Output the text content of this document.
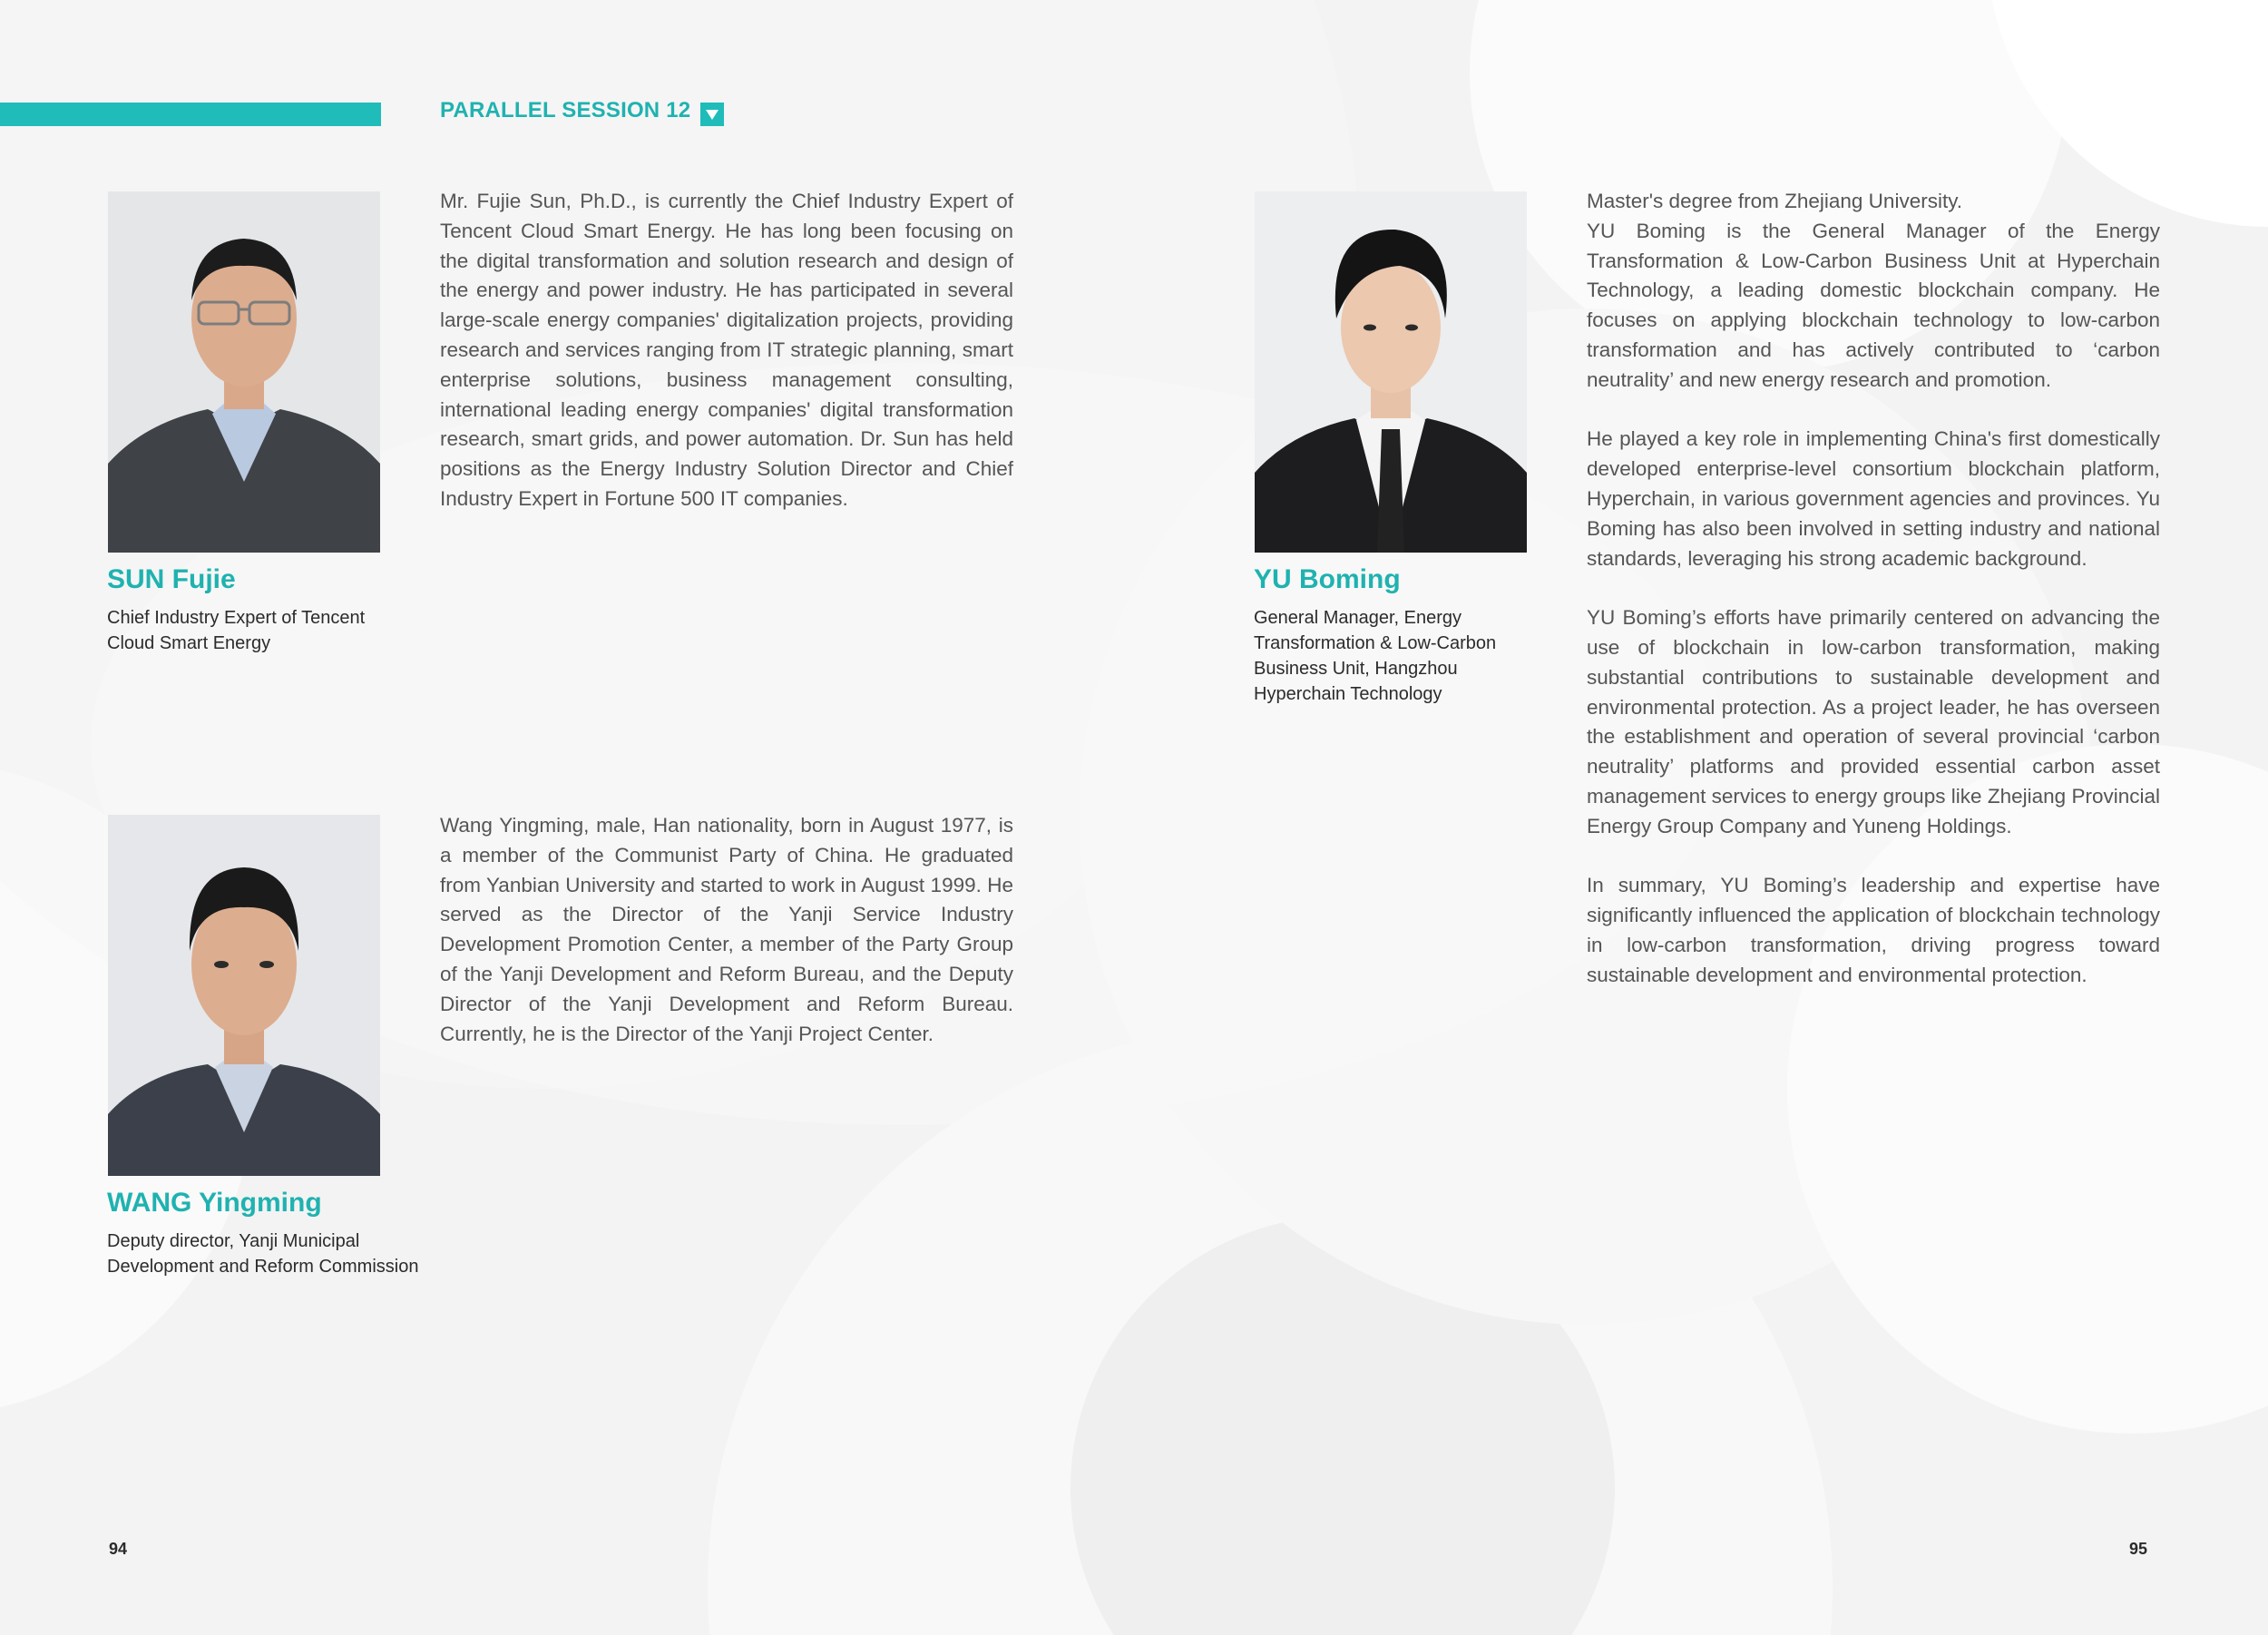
PARALLEL SESSION 12
SUN Fujie
Chief Industry Expert of Tencent Cloud Smart Energy

Mr. Fujie Sun, Ph.D., is currently the Chief Industry Expert of Tencent Cloud Smart Energy. He has long been focusing on the digital transformation and solution research and design of the energy and power industry. He has participated in several large-scale energy companies' digitalization projects, providing research and services ranging from IT strategic planning, smart enterprise solutions, business management consulting, international leading energy companies' digital transformation research, smart grids, and power automation. Dr. Sun has held positions as the Energy Industry Solution Director and Chief Industry Expert in Fortune 500 IT companies.

WANG Yingming
Deputy director, Yanji Municipal Development and Reform Commission

Wang Yingming, male, Han nationality, born in August 1977, is a member of the Communist Party of China. He graduated from Yanbian University and started to work in August 1999. He served as the Director of the Yanji Service Industry Development Promotion Center, a member of the Party Group of the Yanji Development and Reform Bureau, and the Deputy Director of the Yanji Development and Reform Bureau. Currently, he is the Director of the Yanji Project Center.

YU Boming
General Manager, Energy Transformation & Low-Carbon Business Unit, Hangzhou Hyperchain Technology

Master's degree from Zhejiang University.

YU Boming is the General Manager of the Energy Transformation & Low-Carbon Business Unit at Hyperchain Technology, a leading domestic blockchain company. He focuses on applying blockchain technology to low-carbon transformation and has actively contributed to ‘carbon neutrality’ and new energy research and promotion.

He played a key role in implementing China's first domestically developed enterprise-level consortium blockchain platform, Hyperchain, in various government agencies and provinces. Yu Boming has also been involved in setting industry and national standards, leveraging his strong academic background.

YU Boming’s efforts have primarily centered on advancing the use of blockchain in low-carbon transformation, making substantial contributions to sustainable development and environmental protection. As a project leader, he has overseen the establishment and operation of several provincial ‘carbon neutrality’ platforms and provided essential carbon asset management services to energy groups like Zhejiang Provincial Energy Group Company and Yuneng Holdings.

In summary, YU Boming’s leadership and expertise have significantly influenced the application of blockchain technology in low-carbon transformation, driving progress toward sustainable development and environmental protection.

94	95
